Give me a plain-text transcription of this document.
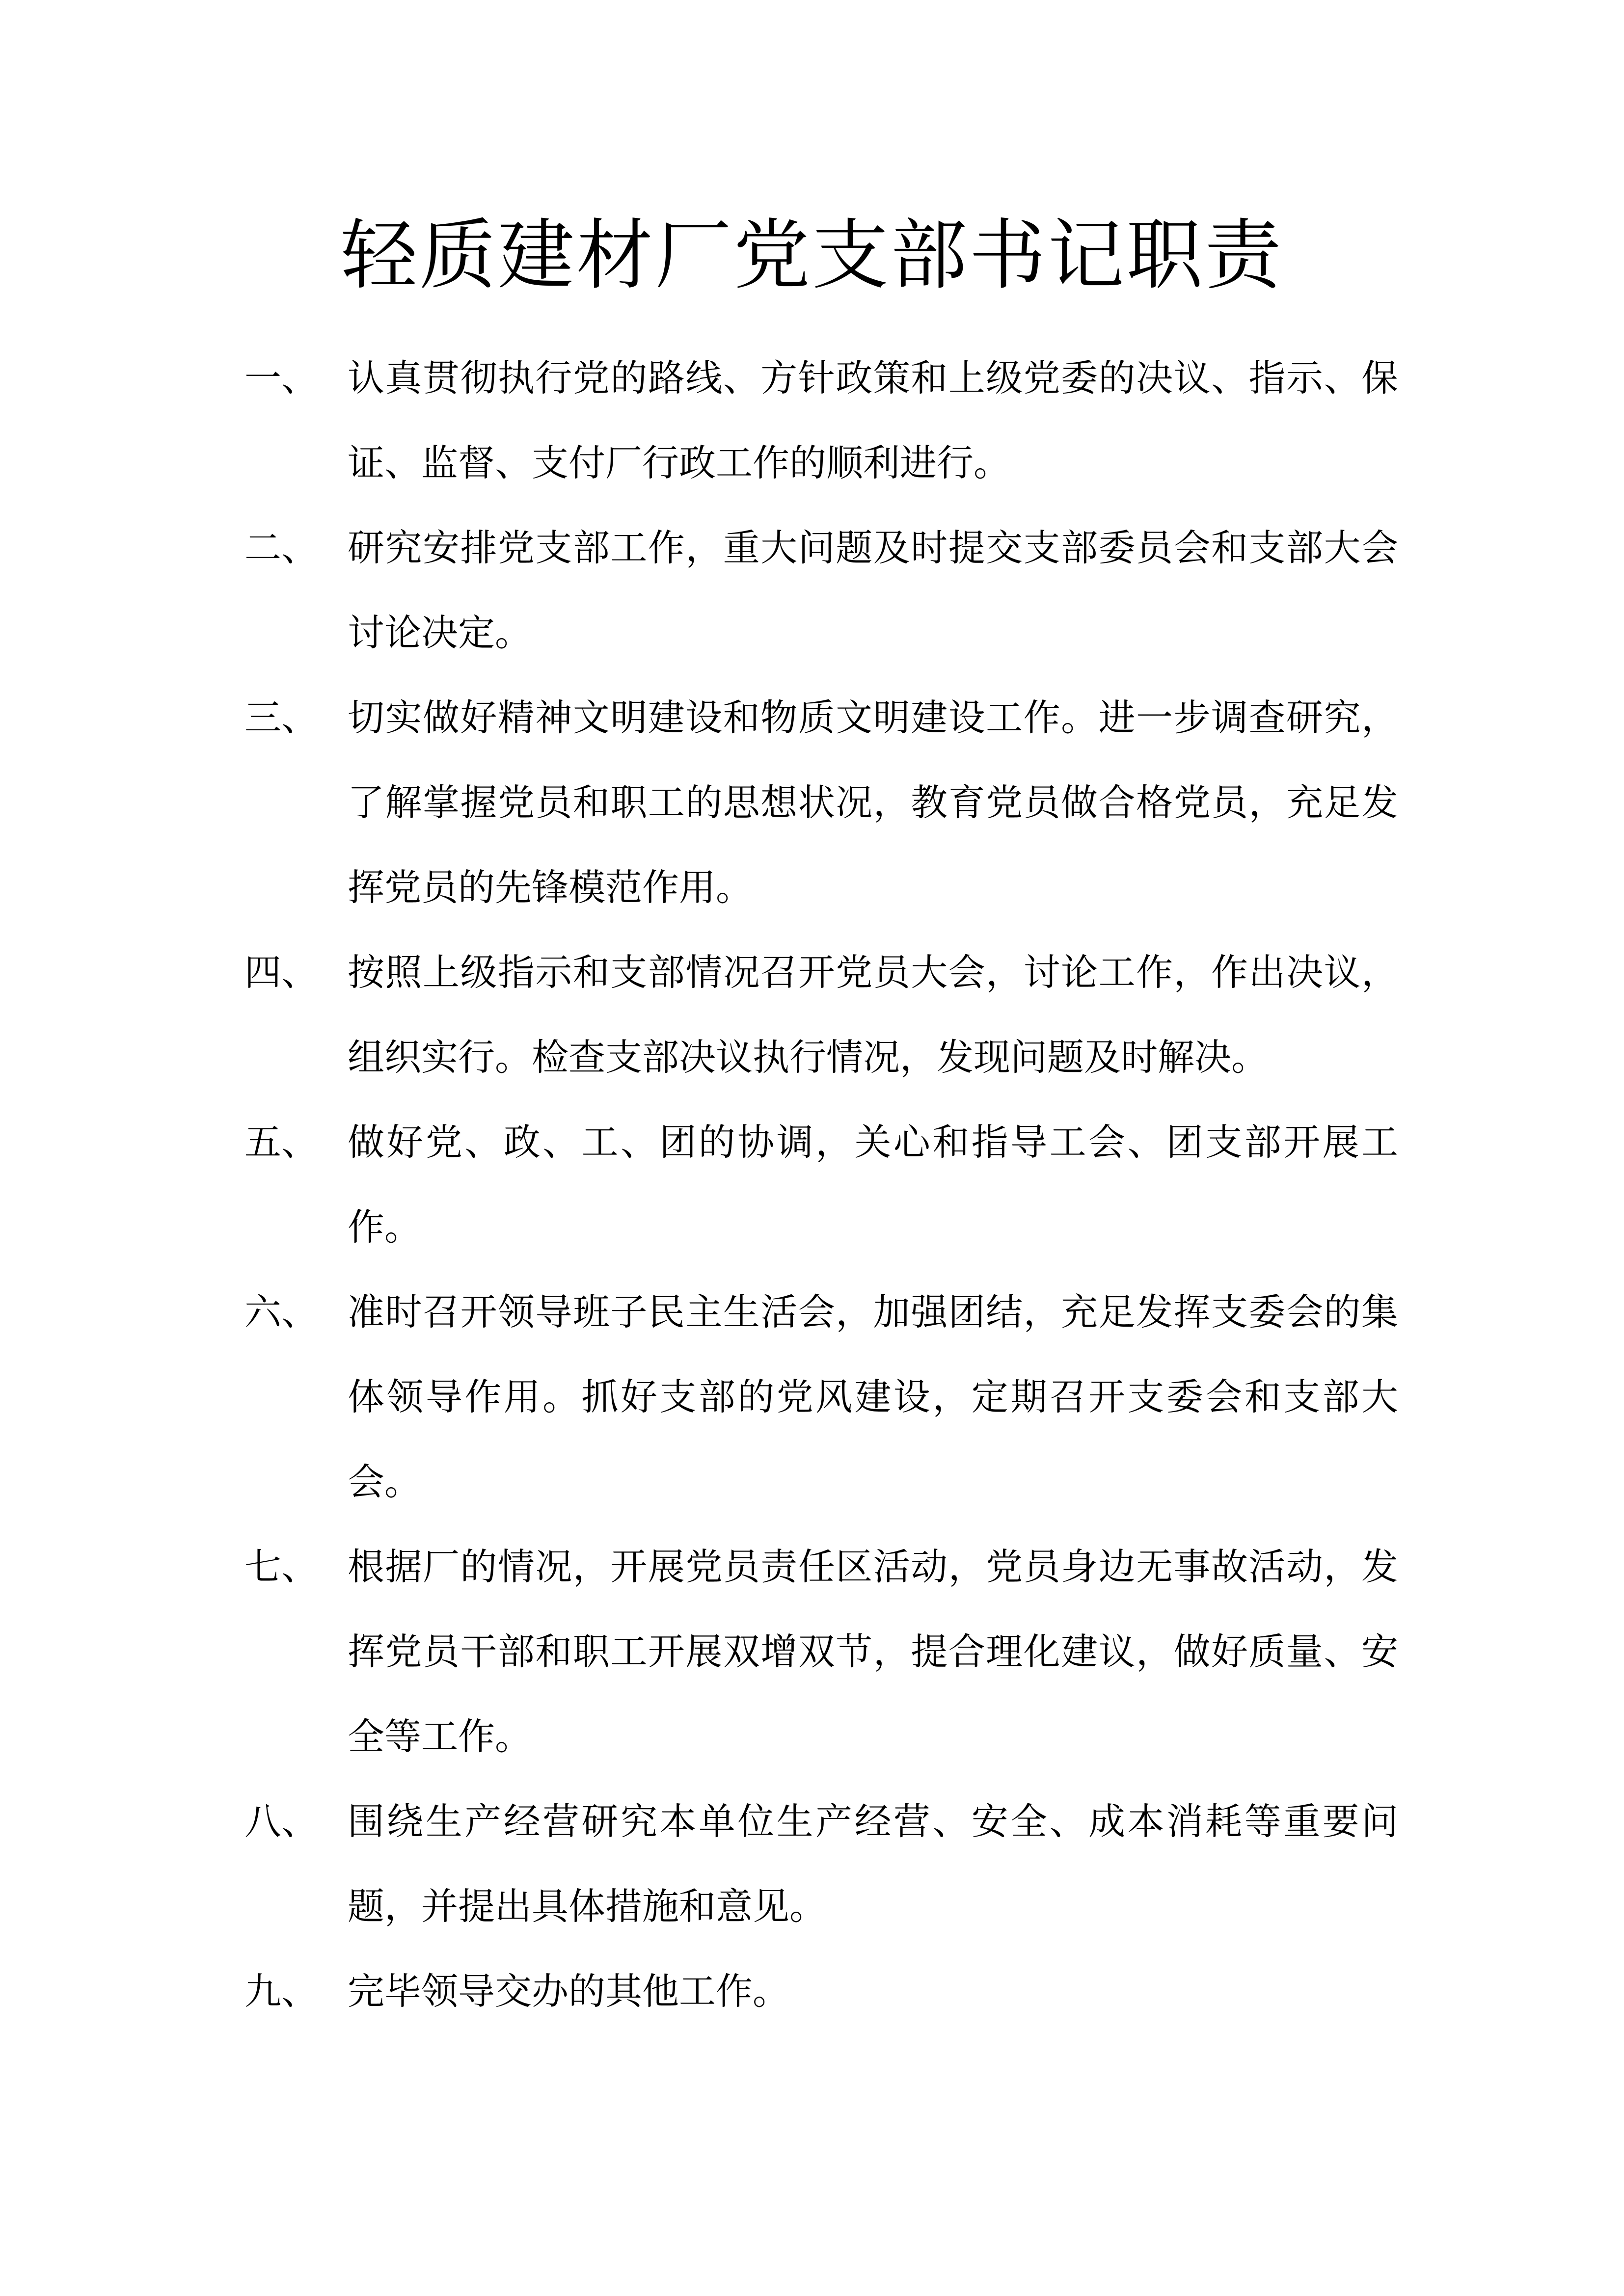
轻质建材厂党支部书记职责
一、 认真贯彻执行党的路线、方针政策和上级党委的决议、指示、保证、监督、支付厂行政工作的顺利进行。
二、 研究安排党支部工作，重大问题及时提交支部委员会和支部大会讨论决定。
三、 切实做好精神文明建设和物质文明建设工作。进一步调查研究，了解掌握党员和职工的思想状况，教育党员做合格党员，充足发挥党员的先锋模范作用。
四、 按照上级指示和支部情况召开党员大会，讨论工作，作出决议，组织实行。检查支部决议执行情况，发现问题及时解决。
五、 做好党、政、工、团的协调，关心和指导工会、团支部开展工作。
六、 准时召开领导班子民主生活会，加强团结，充足发挥支委会的集体领导作用。抓好支部的党风建设，定期召开支委会和支部大会。
七、 根据厂的情况，开展党员责任区活动，党员身边无事故活动，发挥党员干部和职工开展双增双节，提合理化建议，做好质量、安全等工作。
八、 围绕生产经营研究本单位生产经营、安全、成本消耗等重要问题，并提出具体措施和意见。
九、 完毕领导交办的其他工作。
